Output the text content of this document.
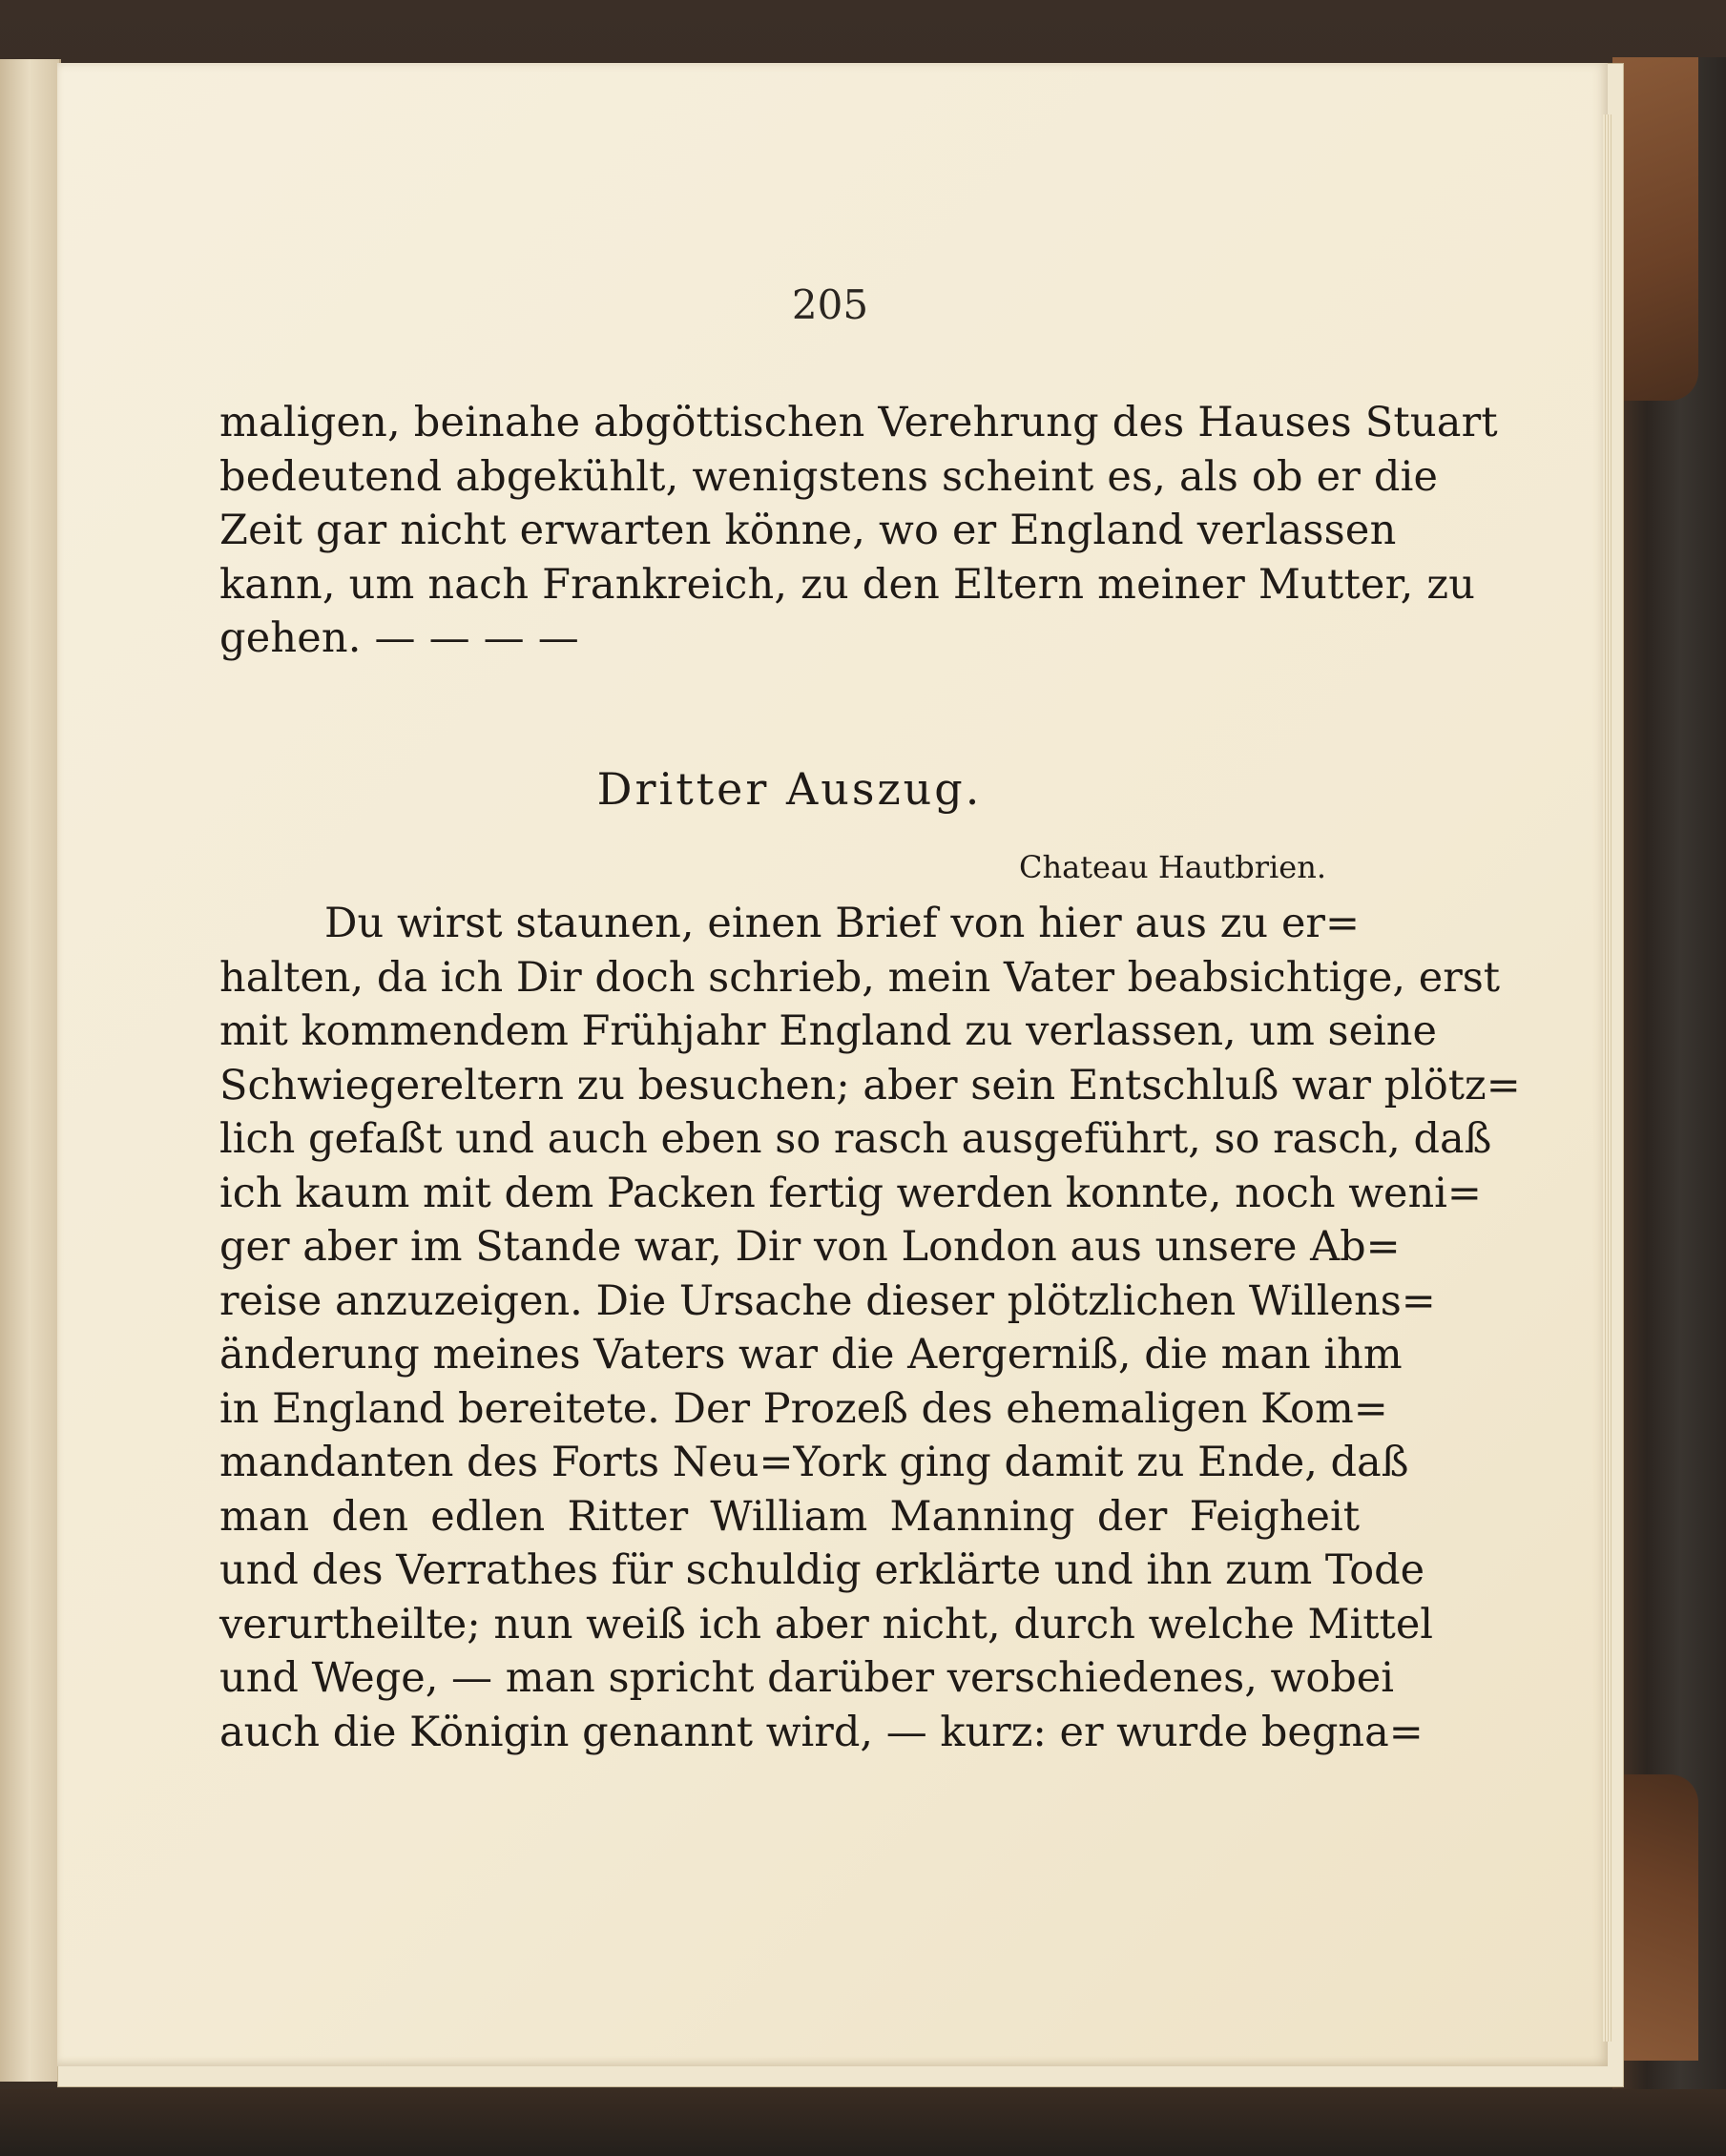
205
maligen, beinahe abgöttischen Verehrung des Hauses Stuart
bedeutend abgekühlt, wenigstens scheint es, als ob er die
Zeit gar nicht erwarten könne, wo er England verlassen
kann, um nach Frankreich, zu den Eltern meiner Mutter, zu
gehen. — — — —
Dritter Auszug.
Chateau Hautbrien.
Du wirst staunen, einen Brief von hier aus zu er=
halten, da ich Dir doch schrieb, mein Vater beabsichtige, erst
mit kommendem Frühjahr England zu verlassen, um seine
Schwiegereltern zu besuchen; aber sein Entschluß war plötz=
lich gefaßt und auch eben so rasch ausgeführt, so rasch, daß
ich kaum mit dem Packen fertig werden konnte, noch weni=
ger aber im Stande war, Dir von London aus unsere Ab=
reise anzuzeigen. Die Ursache dieser plötzlichen Willens=
änderung meines Vaters war die Aergerniß, die man ihm
in England bereitete. Der Prozeß des ehemaligen Kom=
mandanten des Forts Neu=York ging damit zu Ende, daß
man den edlen Ritter William Manning der Feigheit
und des Verrathes für schuldig erklärte und ihn zum Tode
verurtheilte; nun weiß ich aber nicht, durch welche Mittel
und Wege, — man spricht darüber verschiedenes, wobei
auch die Königin genannt wird, — kurz: er wurde begna=
